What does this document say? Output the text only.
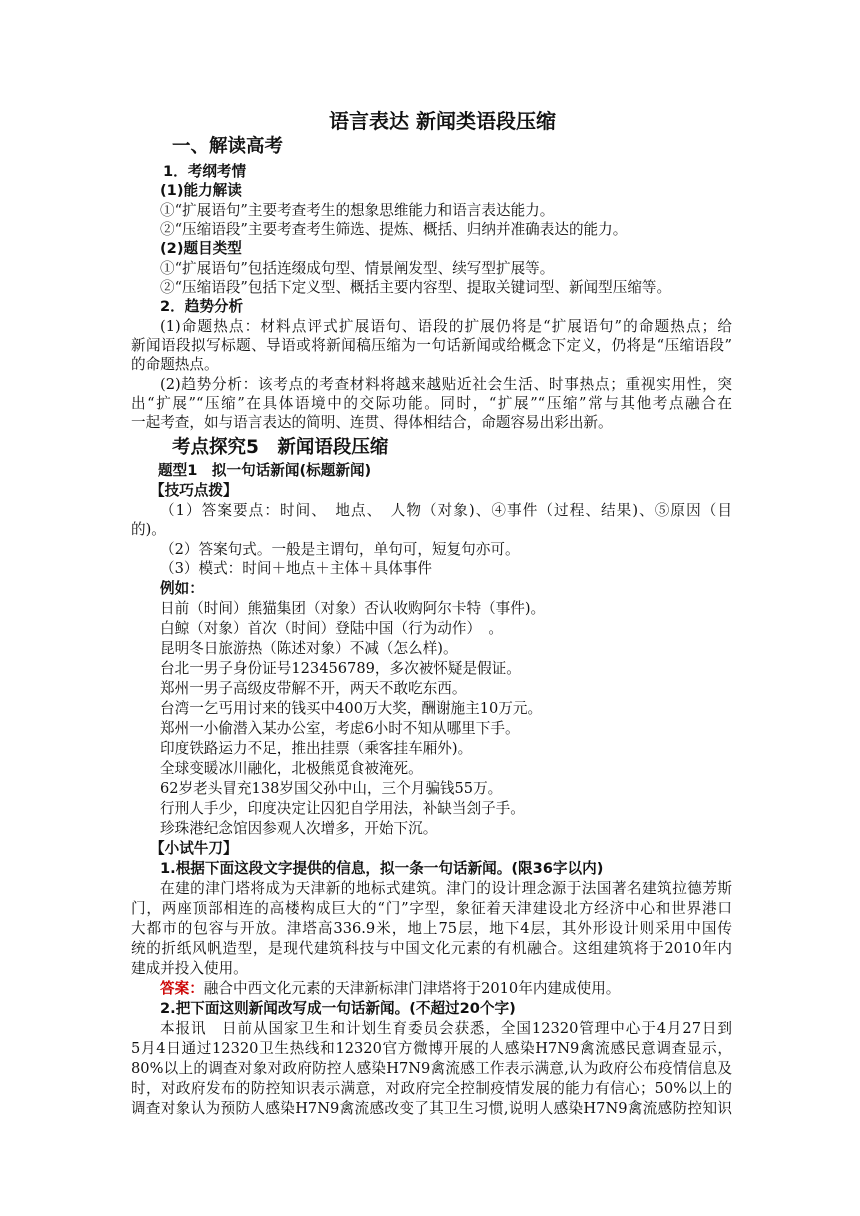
语言表达 新闻类语段压缩
一、解读高考
1．考纲考情
(1)能力解读
①“扩展语句”主要考查考生的想象思维能力和语言表达能力。
②“压缩语段”主要考查考生筛选、提炼、概括、归纳并准确表达的能力。
(2)题目类型
①“扩展语句”包括连缀成句型、情景阐发型、续写型扩展等。
②“压缩语段”包括下定义型、概括主要内容型、提取关键词型、新闻型压缩等。
2．趋势分析
(1)命题热点：材料点评式扩展语句、语段的扩展仍将是“扩展语句”的命题热点；给
新闻语段拟写标题、导语或将新闻稿压缩为一句话新闻或给概念下定义，仍将是“压缩语段”
的命题热点。
(2)趋势分析：该考点的考查材料将越来越贴近社会生活、时事热点；重视实用性，突
出“扩展”“压缩”在具体语境中的交际功能。同时，“扩展”“压缩”常与其他考点融合在
一起考查，如与语言表达的简明、连贯、得体相结合，命题容易出彩出新。
考点探究5　新闻语段压缩
题型1　拟一句话新闻(标题新闻)
【技巧点拨】
（1）答案要点：时间、　地点、　人物（对象)、④事件（过程、结果)、⑤原因（目
的)。
（2）答案句式。一般是主谓句，单句可，短复句亦可。
（3）模式：时间＋地点＋主体＋具体事件
例如：
日前（时间）熊猫集团（对象）否认收购阿尔卡特（事件)。
白鲸（对象）首次（时间）登陆中国（行为动作）　。
昆明冬日旅游热（陈述对象）不减（怎么样)。
台北一男子身份证号123456789，多次被怀疑是假证。
郑州一男子高级皮带解不开，两天不敢吃东西。
台湾一乞丐用讨来的钱买中400万大奖，酬谢施主10万元。
郑州一小偷潜入某办公室，考虑6小时不知从哪里下手。
印度铁路运力不足，推出挂票（乘客挂车厢外)。
全球变暖冰川融化，北极熊觅食被淹死。
62岁老头冒充138岁国父孙中山，三个月骗钱55万。
行刑人手少，印度决定让囚犯自学用法，补缺当刽子手。
珍珠港纪念馆因参观人次增多，开始下沉。
【小试牛刀】
1.根据下面这段文字提供的信息，拟一条一句话新闻。(限36字以内)
在建的津门塔将成为天津新的地标式建筑。津门的设计理念源于法国著名建筑拉德芳斯
门，两座顶部相连的高楼构成巨大的“门”字型，象征着天津建设北方经济中心和世界港口
大都市的包容与开放。津塔高336.9米，地上75层，地下4层，其外形设计则采用中国传
统的折纸风帆造型，是现代建筑科技与中国文化元素的有机融合。这组建筑将于2010年内
建成并投入使用。
答案：融合中西文化元素的天津新标津门津塔将于2010年内建成使用。
2.把下面这则新闻改写成一句话新闻。(不超过20个字)
本报讯　日前从国家卫生和计划生育委员会获悉，全国12320管理中心于4月27日到
5月4日通过12320卫生热线和12320官方微博开展的人感染H7N9禽流感民意调查显示，
80%以上的调查对象对政府防控人感染H7N9禽流感工作表示满意,认为政府公布疫情信息及
时，对政府发布的防控知识表示满意，对政府完全控制疫情发展的能力有信心；50%以上的
调查对象认为预防人感染H7N9禽流感改变了其卫生习惯,说明人感染H7N9禽流感防控知识
